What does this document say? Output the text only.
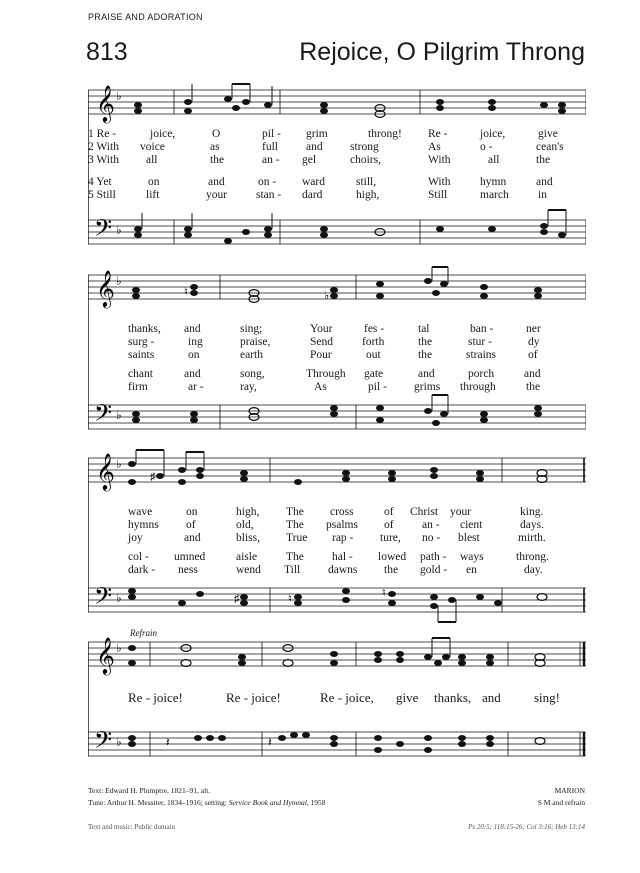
PRAISE AND ADORATION
813	Rejoice, O Pilgrim Throng
𝄞
𝄢
♭
♭
1 Re -	joice,	O	pil - grim	throng! Re -	joice,	give
2 With voice	as	full and strong	As	o -	cean's
3 With all	the	an - gel	choirs,	With	all	the
4 Yet	on	and	on - ward	still,	With	hymn	and
5 Still	lift	your	stan - dard	high,	Still	march	in
𝄞
𝄢
♭
♭
♮	♭
thanks, and	sing;	Your	fes -	tal	ban -	ner
surg -	ing	praise,	Send	forth	the	stur -	dy
saints	on	earth	Pour	out	the	strains	of
chant	and	song,	Through gate	and	porch	and
firm	ar -	ray,	As	pil - grims through	the
𝄞
𝄢
♭
♭
♯
♯	♮	♮
wave	on	high, The cross	of Christ your	king.
hymns of	old,	The psalms of an - cient	days.
joy	and	bliss, True rap - ture, no - blest	mirth.
col - umned	aisle	The hal - lowed path - ways	throng.
dark - ness	wend Till dawns the gold - en	day.
Refrain
𝄞
𝄢
♭
♭	𝄽	𝄽
Re - joice!	Re - joice!	Re - joice, give thanks, and	sing!
Text: Edward H. Plumptre, 1821–91, alt.
Tune: Arthur H. Messiter, 1834–1916; setting: Service Book and Hymnal, 1958
MARION
S M and refrain
Text and music: Public domain	Ps 20:5; 118:15-26; Col 3:16; Heb 13:14
